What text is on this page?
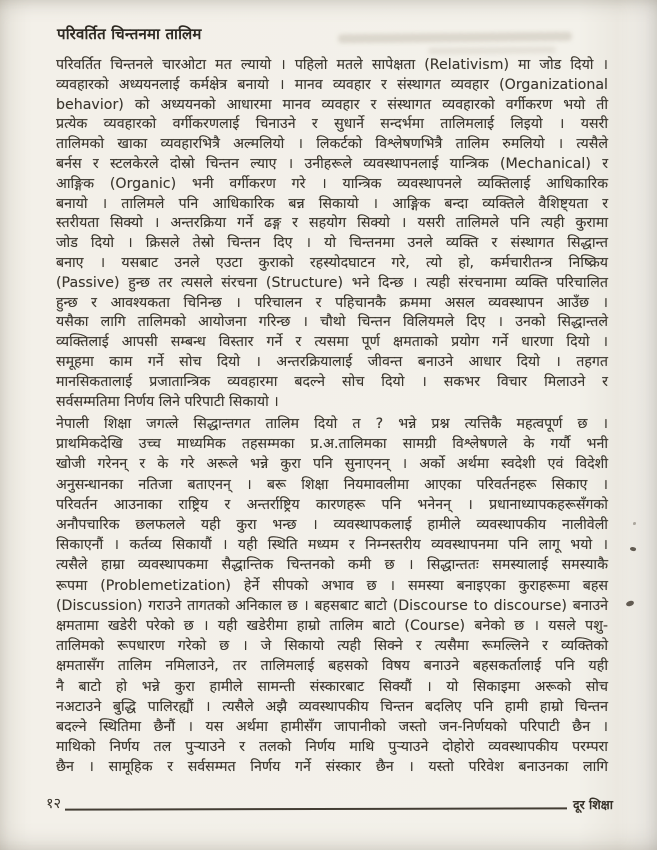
परिवर्तित चिन्तनमा तालिम
परिवर्तित चिन्तनले चारओटा मत ल्यायो । पहिलो मतले सापेक्षता (Relativism) मा जोड दियो ।
व्यवहारको अध्ययनलाई कर्मक्षेत्र बनायो । मानव व्यवहार र संस्थागत व्यवहार (Organizational
behavior) को अध्ययनको आधारमा मानव व्यवहार र संस्थागत व्यवहारको वर्गीकरण भयो ती
प्रत्येक व्यवहारको वर्गीकरणलाई चिनाउने र सुधार्ने सन्दर्भमा तालिमलाई लिइयो । यसरी
तालिमको खाका व्यवहारभित्रै अल्मलियो । लिकर्टको विश्लेषणभित्रै तालिम रुमलियो । त्यसैले
बर्नस र स्टलकेरले दोस्रो चिन्तन ल्याए । उनीहरूले व्यवस्थापनलाई यान्त्रिक (Mechanical) र
आङ्गिक (Organic) भनी वर्गीकरण गरे । यान्त्रिक व्यवस्थापनले व्यक्तिलाई आधिकारिक
बनायो । तालिमले पनि आधिकारिक बन्न सिकायो । आङ्गिक बन्दा व्यक्तिले वैशिष्ट्यता र
स्तरीयता सिक्यो । अन्तरक्रिया गर्ने ढङ्ग र सहयोग सिक्यो । यसरी तालिमले पनि त्यही कुरामा
जोड दियो । क्रिसले तेस्रो चिन्तन दिए । यो चिन्तनमा उनले व्यक्ति र संस्थागत सिद्धान्त
बनाए । यसबाट उनले एउटा कुराको रहस्योदघाटन गरे, त्यो हो, कर्मचारीतन्त्र निष्क्रिय
(Passive) हुन्छ तर त्यसले संरचना (Structure) भने दिन्छ । त्यही संरचनामा व्यक्ति परिचालित
हुन्छ र आवश्यकता चिनिन्छ । परिचालन र पहिचानकै क्रममा असल व्यवस्थापन आउँछ ।
यसैका लागि तालिमको आयोजना गरिन्छ । चौथो चिन्तन विलियमले दिए । उनको सिद्धान्तले
व्यक्तिलाई आपसी सम्बन्ध विस्तार गर्ने र त्यसमा पूर्ण क्षमताको प्रयोग गर्ने धारणा दियो ।
समूहमा काम गर्ने सोच दियो । अन्तरक्रियालाई जीवन्त बनाउने आधार दियो । तहगत
मानसिकतालाई प्रजातान्त्रिक व्यवहारमा बदल्ने सोच दियो । सकभर विचार मिलाउने र
सर्वसम्मतिमा निर्णय लिने परिपाटी सिकायो ।
नेपाली शिक्षा जगत्ले सिद्धान्तगत तालिम दियो त ? भन्ने प्रश्न त्यत्तिकै महत्वपूर्ण छ ।
प्राथमिकदेखि उच्च माध्यमिक तहसम्मका प्र.अ.तालिमका सामग्री विश्लेषणले के गर्यौ भनी
खोजी गरेनन् र के गरे अरूले भन्ने कुरा पनि सुनाएनन् । अर्को अर्थमा स्वदेशी एवं विदेशी
अनुसन्धानका नतिजा बताएनन् । बरू शिक्षा नियमावलीमा आएका परिवर्तनहरू सिकाए ।
परिवर्तन आउनाका राष्ट्रिय र अन्तर्राष्ट्रिय कारणहरू पनि भनेनन् । प्रधानाध्यापकहरूसँगको
अनौपचारिक छलफलले यही कुरा भन्छ । व्यवस्थापकलाई हामीले व्यवस्थापकीय नालीवेली
सिकाएनौं । कर्तव्य सिकायौं । यही स्थिति मध्यम र निम्नस्तरीय व्यवस्थापनमा पनि लागू भयो ।
त्यसैले हाम्रा व्यवस्थापकमा सैद्धान्तिक चिन्तनको कमी छ । सिद्धान्ततः समस्यालाई समस्याकै
रूपमा (Problemetization) हेर्ने सीपको अभाव छ । समस्या बनाइएका कुराहरूमा बहस
(Discussion) गराउने तागतको अनिकाल छ । बहसबाट बाटो (Discourse to discourse) बनाउने
क्षमतामा खडेरी परेको छ । यही खडेरीमा हाम्रो तालिम बाटो (Course) बनेको छ । यसले पशु-
तालिमको रूपधारण गरेको छ । जे सिकायो त्यही सिक्ने र त्यसैमा रूमल्लिने र व्यक्तिको
क्षमतासँग तालिम नमिलाउने, तर तालिमलाई बहसको विषय बनाउने बहसकर्तालाई पनि यही
नै बाटो हो भन्ने कुरा हामीले सामन्ती संस्कारबाट सिक्यौं । यो सिकाइमा अरूको सोच
नअटाउने बुद्धि पालिरह्यौं । त्यसैले अझै व्यवस्थापकीय चिन्तन बदलिए पनि हामी हाम्रो चिन्तन
बदल्ने स्थितिमा छैनौं । यस अर्थमा हामीसँग जापानीको जस्तो जन-निर्णयको परिपाटी छैन ।
माथिको निर्णय तल पुऱ्याउने र तलको निर्णय माथि पुऱ्याउने दोहोरो व्यवस्थापकीय परम्परा
छैन । सामूहिक र सर्वसम्मत निर्णय गर्ने संस्कार छैन । यस्तो परिवेश बनाउनका लागि
१२	दूर शिक्षा
